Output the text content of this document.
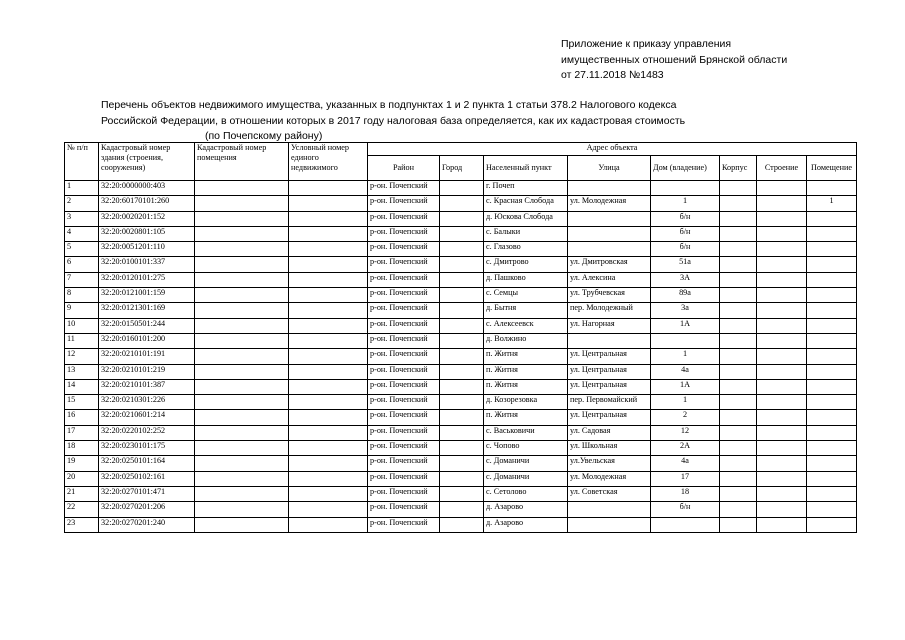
Приложение к приказу управления
имущественных отношений Брянской области
от 27.11.2018 №1483
Перечень объектов недвижимого имущества, указанных в подпунктах 1 и 2 пункта 1 статьи 378.2 Налогового кодекса
Российской Федерации, в отношении которых в 2017 году налоговая база определяется, как их кадастровая стоимость
(по Почепскому району)
№ п/п	Кадастровый номер здания (строения, сооружения)	Кадастровый номер помещения	Условный номер единого недвижимого	Адрес объекта							
				Район	Город	Населенный пункт	Улица	Дом (владение)	Корпус	Строение	Помещение
1	32:20:0000000:403			р-он. Почепский		г. Почеп					
2	32:20:60170101:260			р-он. Почепский		с. Красная Слобода	ул. Молодежная	1			1
3	32:20:0020201:152			р-он. Почепский		д. Юскова Слобода		б/н			
4	32:20:0020801:105			р-он. Почепский		с. Балыки		б/н			
5	32:20:0051201:110			р-он. Почепский		с. Глазово		б/н			
6	32:20:0100101:337			р-он. Почепский		с. Дмитрово	ул. Дмитровская	51а			
7	32:20:0120101:275			р-он. Почепский		д. Пашково	ул. Алексина	3А			
8	32:20:0121001:159			р-он. Почепский		с. Семцы	ул. Трубчевская	89а			
9	32:20:0121301:169			р-он. Почепский		д. Бытня	пер. Молодежный	3а			
10	32:20:0150501:244			р-он. Почепский		с. Алексеевск	ул. Нагорная	1А			
11	32:20:0160101:200			р-он. Почепский		д. Волжино					
12	32:20:0210101:191			р-он. Почепский		п. Житня	ул. Центральная	1			
13	32:20:0210101:219			р-он. Почепский		п. Житня	ул. Центральная	4а			
14	32:20:0210101:387			р-он. Почепский		п. Житня	ул. Центральная	1А			
15	32:20:0210301:226			р-он. Почепский		д. Козорезовка	пер. Первомайский	1			
16	32:20:0210601:214			р-он. Почепский		п. Житня	ул. Центральная	2			
17	32:20:0220102:252			р-он. Почепский		с. Васьковичи	ул. Садовая	12			
18	32:20:0230101:175			р-он. Почепский		с. Чопово	ул. Школьная	2А			
19	32:20:0250101:164			р-он. Почепский		с. Доманичи	ул.Увельская	4а			
20	32:20:0250102:161			р-он. Почепский		с. Доманичи	ул. Молодежная	17			
21	32:20:0270101:471			р-он. Почепский		с. Сетолово	ул. Советская	18			
22	32:20:0270201:206			р-он. Почепский		д. Азарово		б/н			
23	32:20:0270201:240			р-он. Почепский		д. Азарово					
